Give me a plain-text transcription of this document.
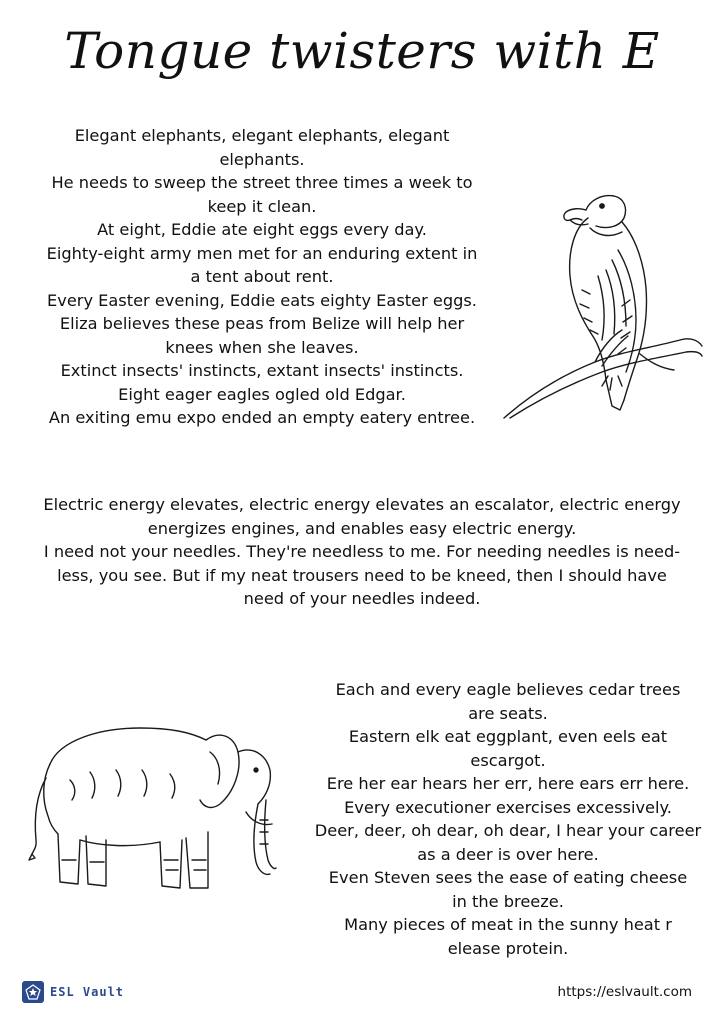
Tongue twisters with E
Elegant elephants, elegant elephants, elegant
elephants.
He needs to sweep the street three times a week to
keep it clean.
At eight, Eddie ate eight eggs every day.
Eighty-eight army men met for an enduring extent in
a tent about rent.
Every Easter evening, Eddie eats eighty Easter eggs.
Eliza believes these peas from Belize will help her
knees when she leaves.
Extinct insects' instincts, extant insects' instincts.
Eight eager eagles ogled old Edgar.
An exiting emu expo ended an empty eatery entree.
Electric energy elevates, electric energy elevates an escalator, electric energy
energizes engines, and enables easy electric energy.
I need not your needles. They're needless to me. For needing needles is need-
less, you see. But if my neat trousers need to be kneed, then I should have
need of your needles indeed.
Each and every eagle believes cedar trees
are seats.
Eastern elk eat eggplant, even eels eat
escargot.
Ere her ear hears her err, here ears err here.
Every executioner exercises excessively.
Deer, deer, oh dear, oh dear, I hear your career
as a deer is over here.
Even Steven sees the ease of eating cheese
in the breeze.
Many pieces of meat in the sunny heat r
elease protein.
ESL Vault	https://eslvault.com
